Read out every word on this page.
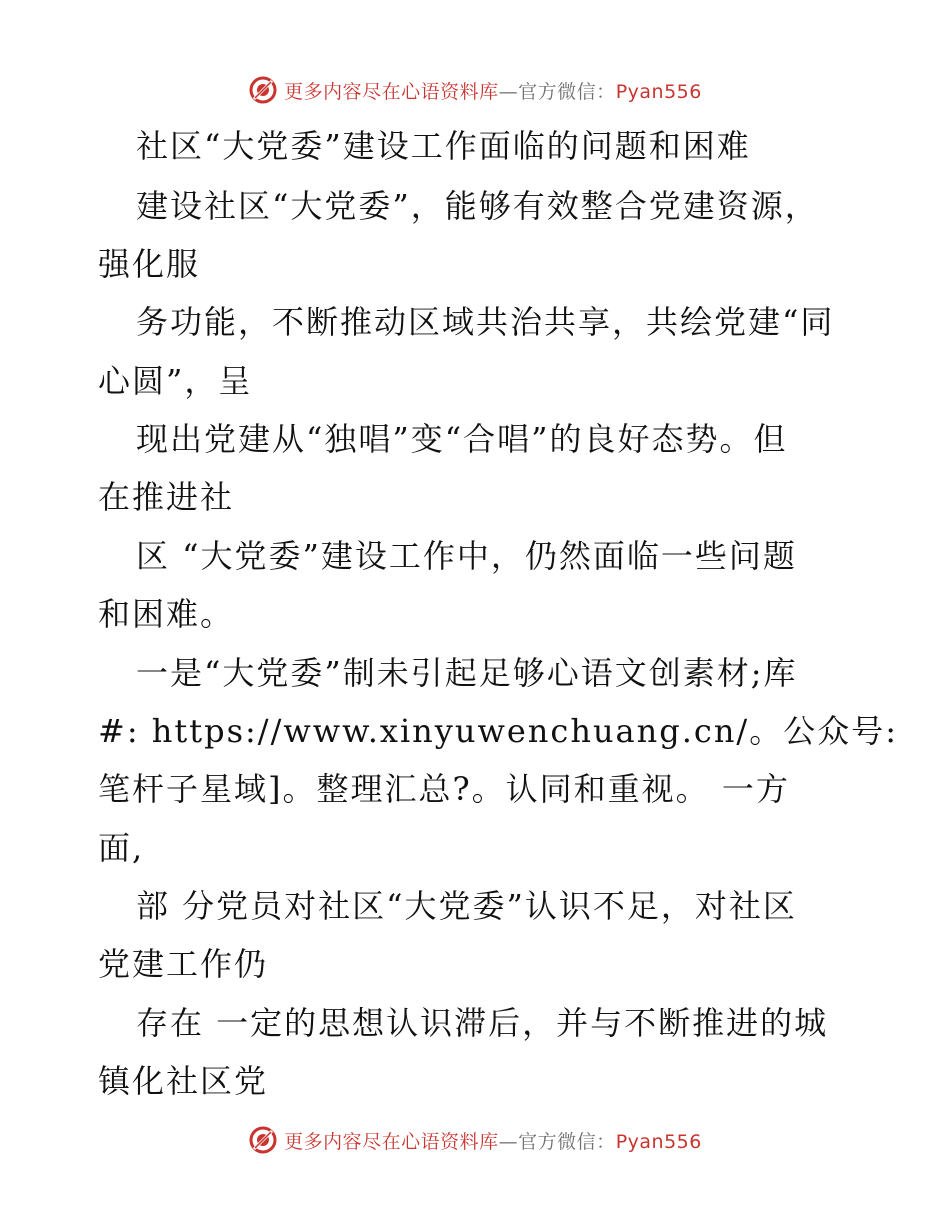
更多内容尽在心语资料库—官方微信：Pyan556
社区“大党委”建设工作面临的问题和困难
建设社区“大党委”，能够有效整合党建资源，
强化服
务功能，不断推动区域共治共享，共绘党建“同
心圆”，呈
现出党建从“独唱”变“合唱”的良好态势。但
在推进社
区 “大党委”建设工作中，仍然面临一些问题
和困难。
一是“大党委”制未引起足够心语文创素材;库
#: https://www.xinyuwenchuang.cn/。公众号:
笔杆子星域]。整理汇总?。认同和重视。 一方
面,
部 分党员对社区“大党委”认识不足，对社区
党建工作仍
存在 一定的思想认识滞后，并与不断推进的城
镇化社区党
更多内容尽在心语资料库—官方微信：Pyan556
